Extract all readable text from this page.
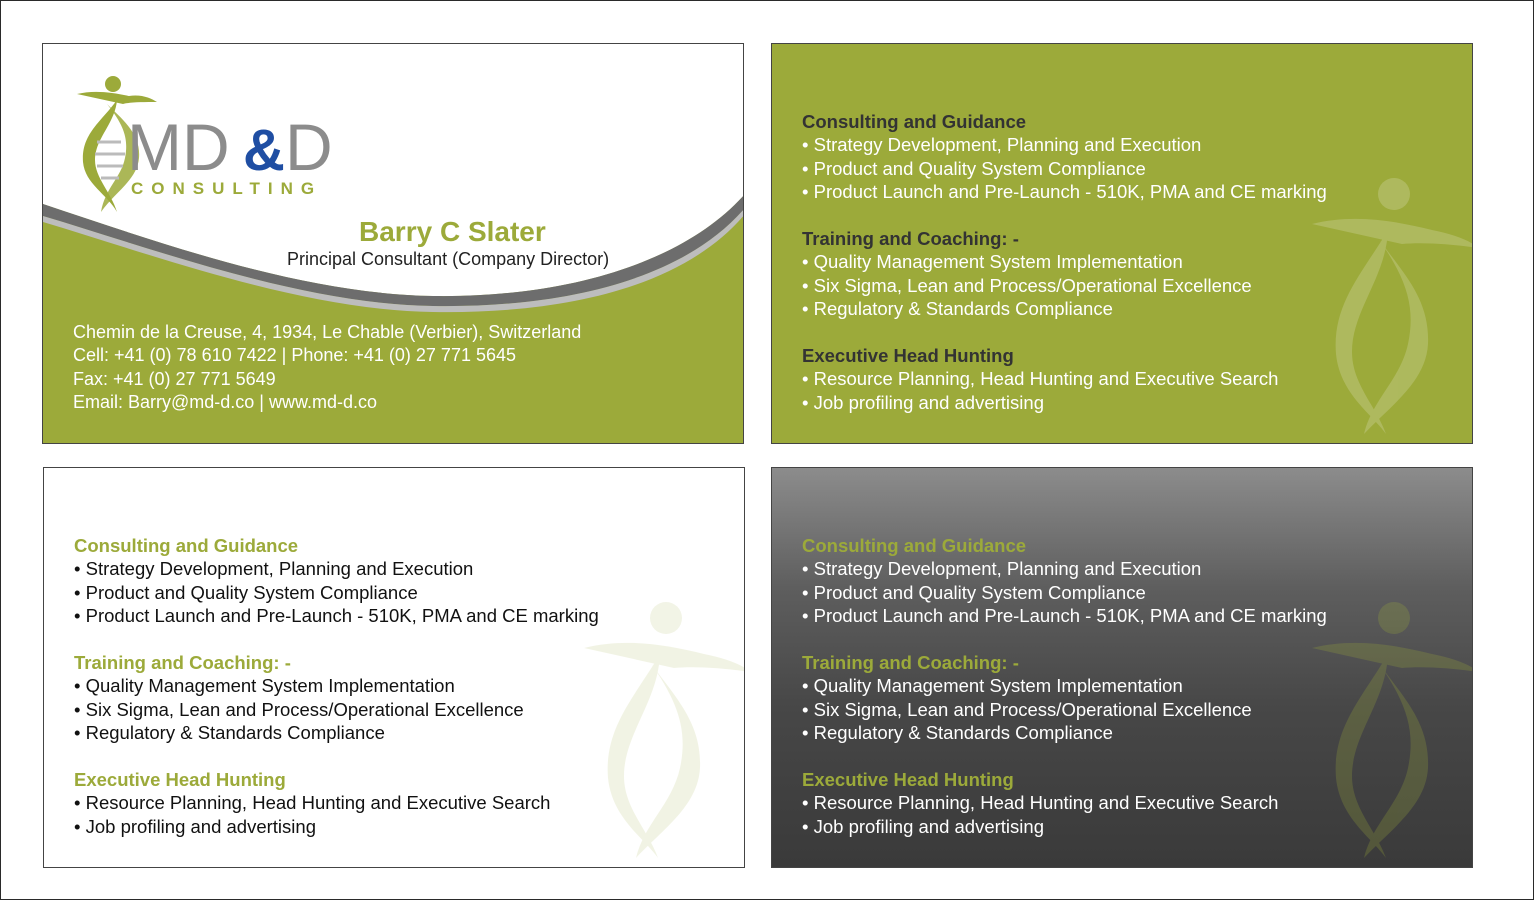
MD & D
CONSULTING
Barry C Slater
Principal Consultant (Company Director)
Chemin de la Creuse, 4, 1934, Le Chable (Verbier), Switzerland
Cell: +41 (0) 78 610 7422 | Phone: +41 (0) 27 771 5645
Fax: +41 (0) 27 771 5649
Email: Barry@md-d.co | www.md-d.co
Consulting and Guidance
• Strategy Development, Planning and Execution
• Product and Quality System Compliance
• Product Launch and Pre-Launch - 510K, PMA and CE marking
Training and Coaching: -
• Quality Management System Implementation
• Six Sigma, Lean and Process/Operational Excellence
• Regulatory & Standards Compliance
Executive Head Hunting
• Resource Planning, Head Hunting and Executive Search
• Job profiling and advertising
Consulting and Guidance
• Strategy Development, Planning and Execution
• Product and Quality System Compliance
• Product Launch and Pre-Launch - 510K, PMA and CE marking
Training and Coaching: -
• Quality Management System Implementation
• Six Sigma, Lean and Process/Operational Excellence
• Regulatory & Standards Compliance
Executive Head Hunting
• Resource Planning, Head Hunting and Executive Search
• Job profiling and advertising
Consulting and Guidance
• Strategy Development, Planning and Execution
• Product and Quality System Compliance
• Product Launch and Pre-Launch - 510K, PMA and CE marking
Training and Coaching: -
• Quality Management System Implementation
• Six Sigma, Lean and Process/Operational Excellence
• Regulatory & Standards Compliance
Executive Head Hunting
• Resource Planning, Head Hunting and Executive Search
• Job profiling and advertising
